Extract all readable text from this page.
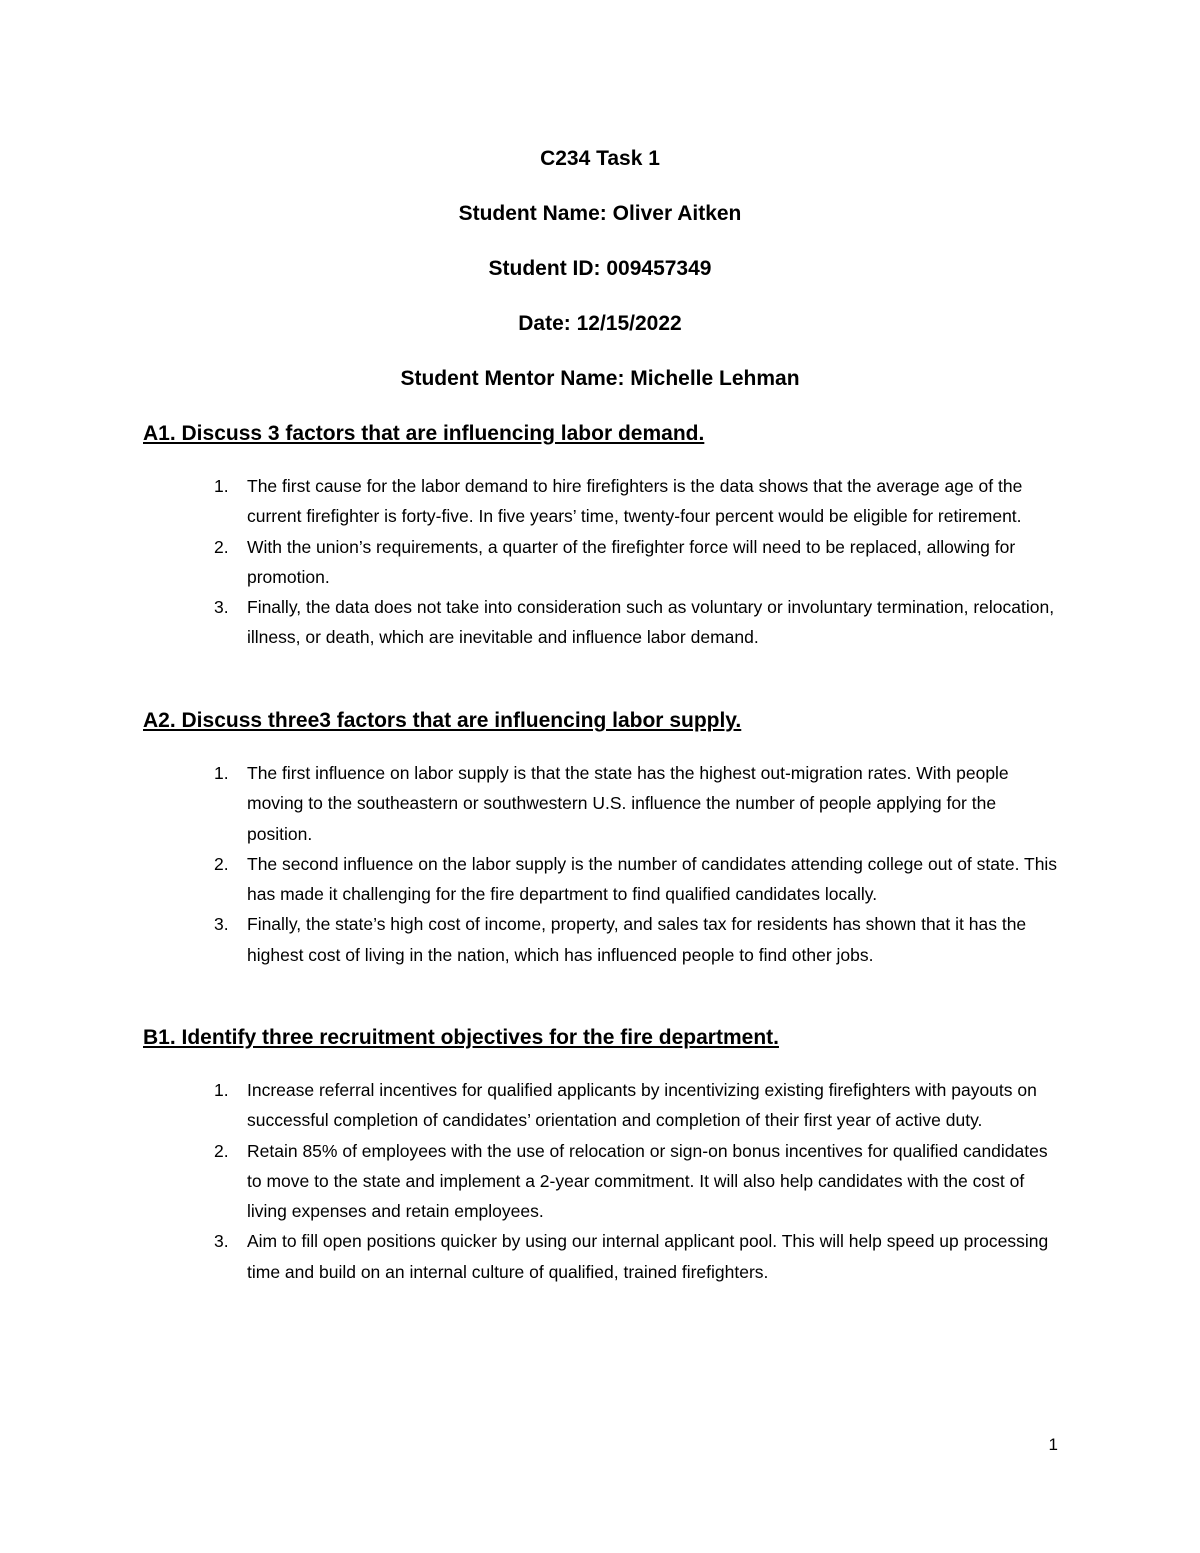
C234 Task 1
Student Name: Oliver Aitken
Student ID: 009457349
Date: 12/15/2022
Student Mentor Name: Michelle Lehman
A1. Discuss 3 factors that are influencing labor demand.
1. The first cause for the labor demand to hire firefighters is the data shows that the average age of the current firefighter is forty-five. In five years’ time, twenty-four percent would be eligible for retirement.
2. With the union’s requirements, a quarter of the firefighter force will need to be replaced, allowing for promotion.
3. Finally, the data does not take into consideration such as voluntary or involuntary termination, relocation, illness, or death, which are inevitable and influence labor demand.
A2. Discuss three3 factors that are influencing labor supply.
1. The first influence on labor supply is that the state has the highest out-migration rates. With people moving to the southeastern or southwestern U.S. influence the number of people applying for the position.
2. The second influence on the labor supply is the number of candidates attending college out of state. This has made it challenging for the fire department to find qualified candidates locally.
3. Finally, the state’s high cost of income, property, and sales tax for residents has shown that it has the highest cost of living in the nation, which has influenced people to find other jobs.
B1. Identify three recruitment objectives for the fire department.
1. Increase referral incentives for qualified applicants by incentivizing existing firefighters with payouts on successful completion of candidates’ orientation and completion of their first year of active duty.
2. Retain 85% of employees with the use of relocation or sign-on bonus incentives for qualified candidates to move to the state and implement a 2-year commitment. It will also help candidates with the cost of living expenses and retain employees.
3. Aim to fill open positions quicker by using our internal applicant pool. This will help speed up processing time and build on an internal culture of qualified, trained firefighters.
1
